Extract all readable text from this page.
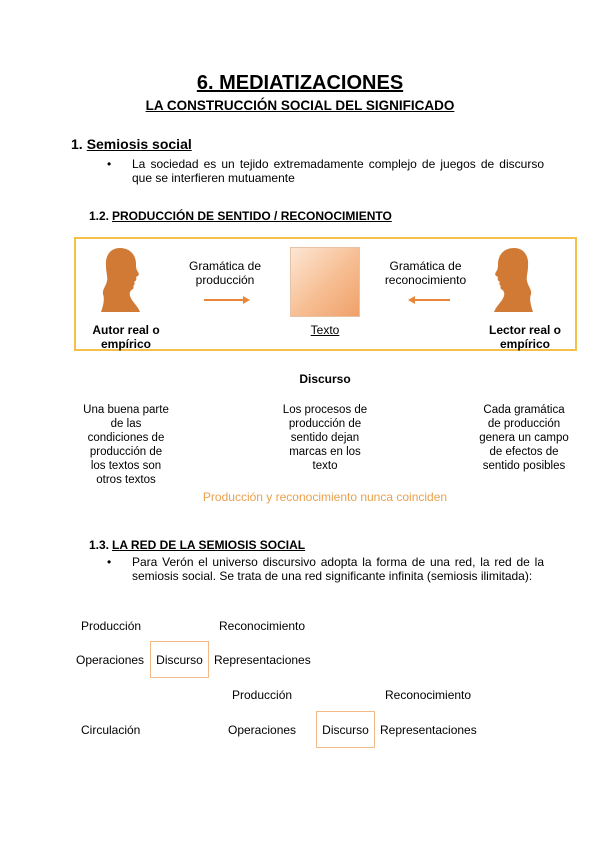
6. MEDIATIZACIONES
LA CONSTRUCCIÓN SOCIAL DEL SIGNIFICADO
1. Semiosis social
• La sociedad es un tejido extremadamente complejo de juegos de discurso que se interfieren mutuamente
1.2. PRODUCCIÓN DE SENTIDO / RECONOCIMIENTO
Gramática de producción
Texto
Gramática de reconocimiento
Autor real o empírico
Lector real o empírico
Discurso
Una buena parte de las condiciones de producción de los textos son otros textos
Los procesos de producción de sentido dejan marcas en los texto
Cada gramática de producción genera un campo de efectos de sentido posibles
Producción y reconocimiento nunca coinciden
1.3. LA RED DE LA SEMIOSIS SOCIAL
• Para Verón el universo discursivo adopta la forma de una red, la red de la semiosis social. Se trata de una red significante infinita (semiosis ilimitada):
Producción	Reconocimiento
Operaciones Discurso Representaciones
Producción	Reconocimiento
Circulación	Operaciones Discurso Representaciones
